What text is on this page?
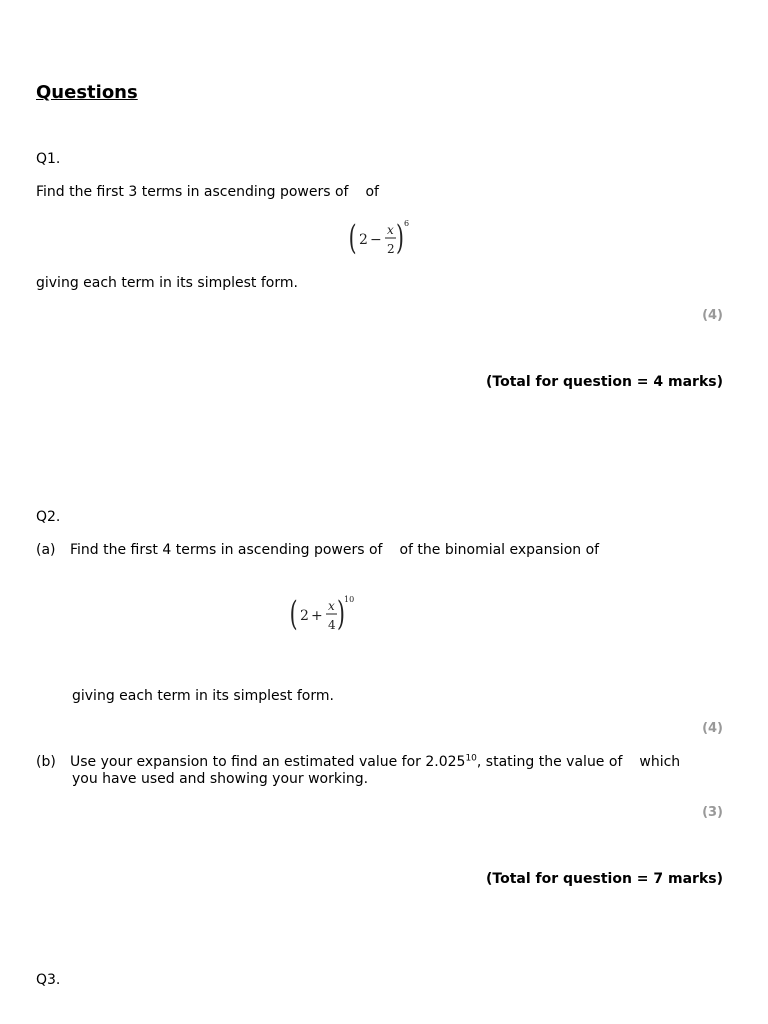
Questions
Q1.
Find the first 3 terms in ascending powers of of
( 2 −
x
2 ) 6
giving each term in its simplest form.
(4)
(Total for question = 4 marks)
Q2.
(a) Find the first 4 terms in ascending powers of of the binomial expansion of
( 2 +
x
4 ) 10
giving each term in its simplest form.
(4)
(b) Use your expansion to find an estimated value for 2.025$^{10}$, stating the value of which
you have used and showing your working.
(3)
(Total for question = 7 marks)
Q3.
